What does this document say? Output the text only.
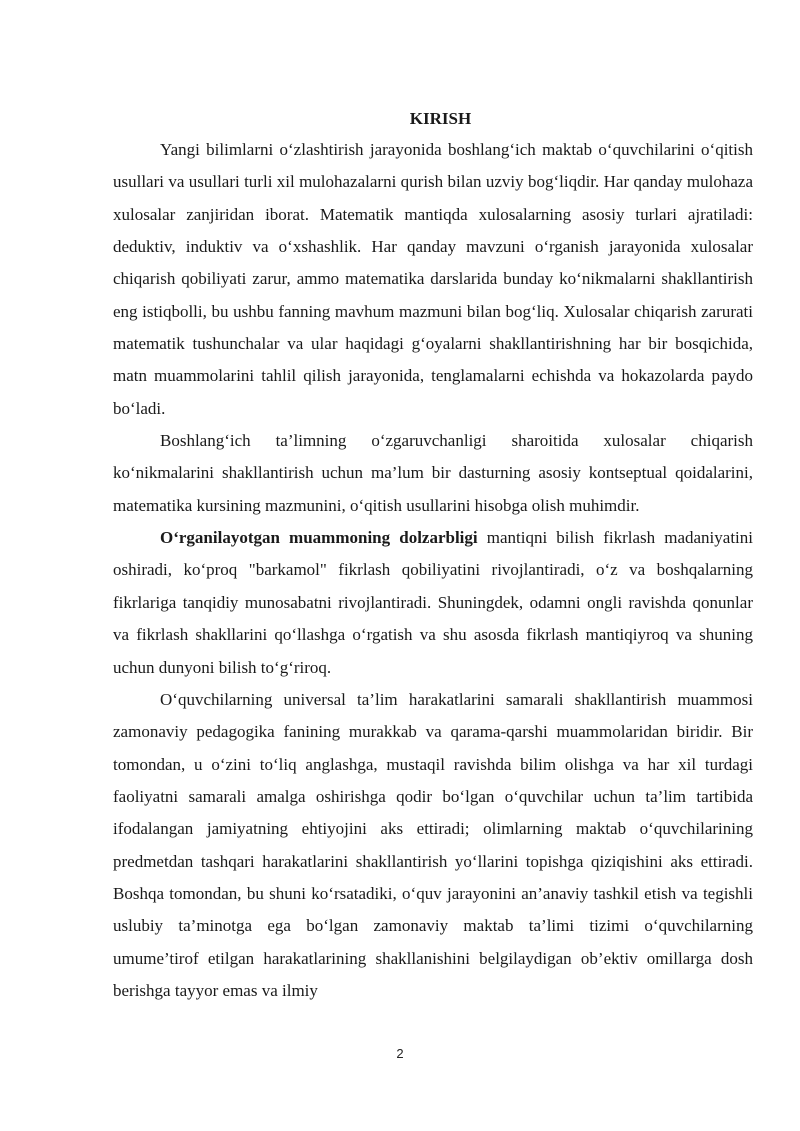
KIRISH

Yangi bilimlarni o‘zlashtirish jarayonida boshlang‘ich maktab o‘quvchilarini o‘qitish usullari va usullari turli xil mulohazalarni qurish bilan uzviy bog‘liqdir. Har qanday mulohaza xulosalar zanjiridan iborat. Matematik mantiqda xulosalarning asosiy turlari ajratiladi: deduktiv, induktiv va o‘xshashlik. Har qanday mavzuni o‘rganish jarayonida xulosalar chiqarish qobiliyati zarur, ammo matematika darslarida bunday ko‘nikmalarni shakllantirish eng istiqbolli, bu ushbu fanning mavhum mazmuni bilan bog‘liq. Xulosalar chiqarish zarurati matematik tushunchalar va ular haqidagi g‘oyalarni shakllantirishning har bir bosqichida, matn muammolarini tahlil qilish jarayonida, tenglamalarni echishda va hokazolarda paydo bo‘ladi.

Boshlang‘ich ta’limning o‘zgaruvchanligi sharoitida xulosalar chiqarish ko‘nikmalarini shakllantirish uchun ma’lum bir dasturning asosiy kontseptual qoidalarini, matematika kursining mazmunini, o‘qitish usullarini hisobga olish muhimdir.

O‘rganilayotgan muammoning dolzarbligi mantiqni bilish fikrlash madaniyatini oshiradi, ko‘proq "barkamol" fikrlash qobiliyatini rivojlantiradi, o‘z va boshqalarning fikrlariga tanqidiy munosabatni rivojlantiradi. Shuningdek, odamni ongli ravishda qonunlar va fikrlash shakllarini qo‘llashga o‘rgatish va shu asosda fikrlash mantiqiyroq va shuning uchun dunyoni bilish to‘g‘riroq.

O‘quvchilarning universal ta’lim harakatlarini samarali shakllantirish muammosi zamonaviy pedagogika fanining murakkab va qarama-qarshi muammolaridan biridir. Bir tomondan, u o‘zini to‘liq anglashga, mustaqil ravishda bilim olishga va har xil turdagi faoliyatni samarali amalga oshirishga qodir bo‘lgan o‘quvchilar uchun ta’lim tartibida ifodalangan jamiyatning ehtiyojini aks ettiradi; olimlarning maktab o‘quvchilarining predmetdan tashqari harakatlarini shakllantirish yo‘llarini topishga qiziqishini aks ettiradi. Boshqa tomondan, bu shuni ko‘rsatadiki, o‘quv jarayonini an’anaviy tashkil etish va tegishli uslubiy ta’minotga ega bo‘lgan zamonaviy maktab ta’limi tizimi o‘quvchilarning umume’tirof etilgan harakatlarining shakllanishini belgilaydigan ob’ektiv omillarga dosh berishga tayyor emas va ilmiy

2
